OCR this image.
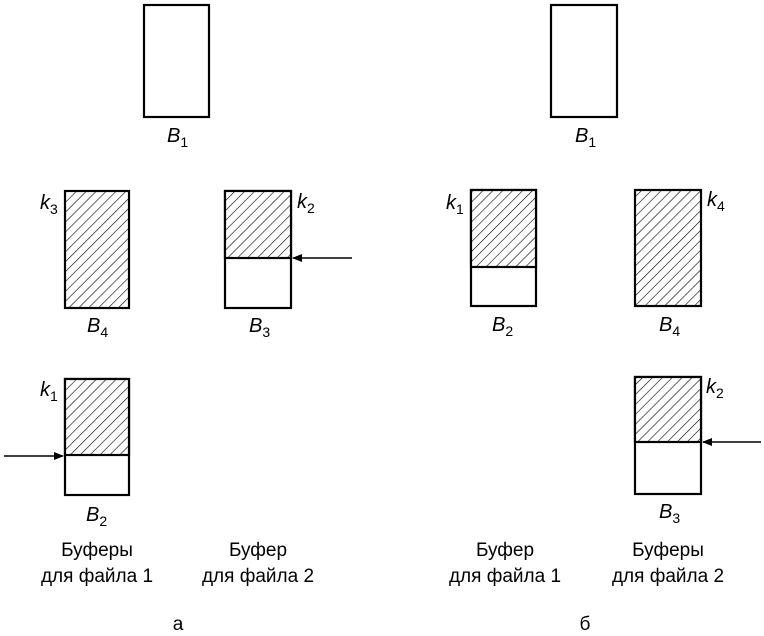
$B_1$
$k_3$
$B_4$
$k_2$
$B_3$
$k_1$
$B_2$
Буферы
для файла 1
Буфер
для файла 2
а
$B_1$
$k_1$
$B_2$
$k_4$
$B_4$
$k_2$
$B_3$
Буфер
для файла 1
Буферы
для файла 2
б
